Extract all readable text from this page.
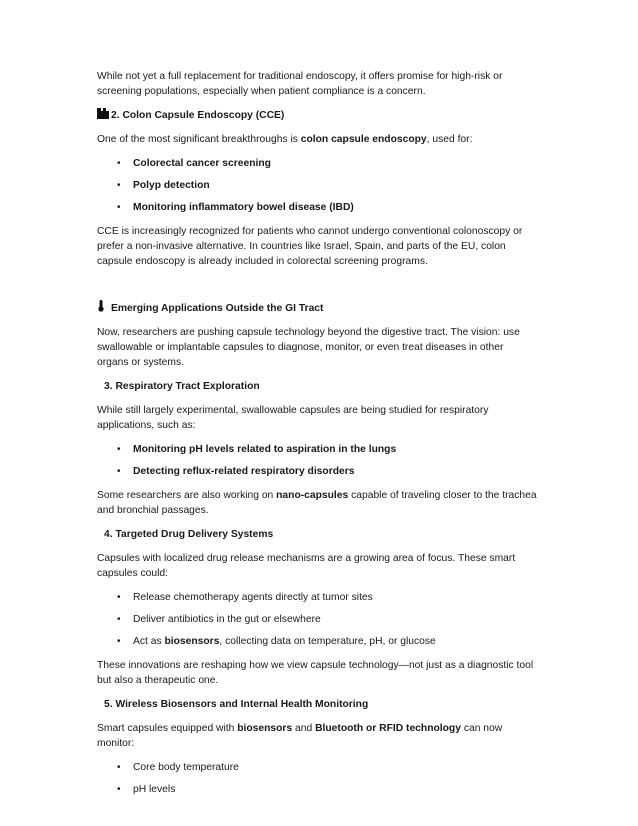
While not yet a full replacement for traditional endoscopy, it offers promise for high-risk or screening populations, especially when patient compliance is a concern.

2. Colon Capsule Endoscopy (CCE)

One of the most significant breakthroughs is colon capsule endoscopy, used for:

• Colorectal cancer screening
• Polyp detection
• Monitoring inflammatory bowel disease (IBD)

CCE is increasingly recognized for patients who cannot undergo conventional colonoscopy or prefer a non-invasive alternative. In countries like Israel, Spain, and parts of the EU, colon capsule endoscopy is already included in colorectal screening programs.

Emerging Applications Outside the GI Tract

Now, researchers are pushing capsule technology beyond the digestive tract. The vision: use swallowable or implantable capsules to diagnose, monitor, or even treat diseases in other organs or systems.

3. Respiratory Tract Exploration

While still largely experimental, swallowable capsules are being studied for respiratory applications, such as:

• Monitoring pH levels related to aspiration in the lungs
• Detecting reflux-related respiratory disorders

Some researchers are also working on nano-capsules capable of traveling closer to the trachea and bronchial passages.

4. Targeted Drug Delivery Systems

Capsules with localized drug release mechanisms are a growing area of focus. These smart capsules could:

• Release chemotherapy agents directly at tumor sites
• Deliver antibiotics in the gut or elsewhere
• Act as biosensors, collecting data on temperature, pH, or glucose

These innovations are reshaping how we view capsule technology—not just as a diagnostic tool but also a therapeutic one.

5. Wireless Biosensors and Internal Health Monitoring

Smart capsules equipped with biosensors and Bluetooth or RFID technology can now monitor:

• Core body temperature
• pH levels
